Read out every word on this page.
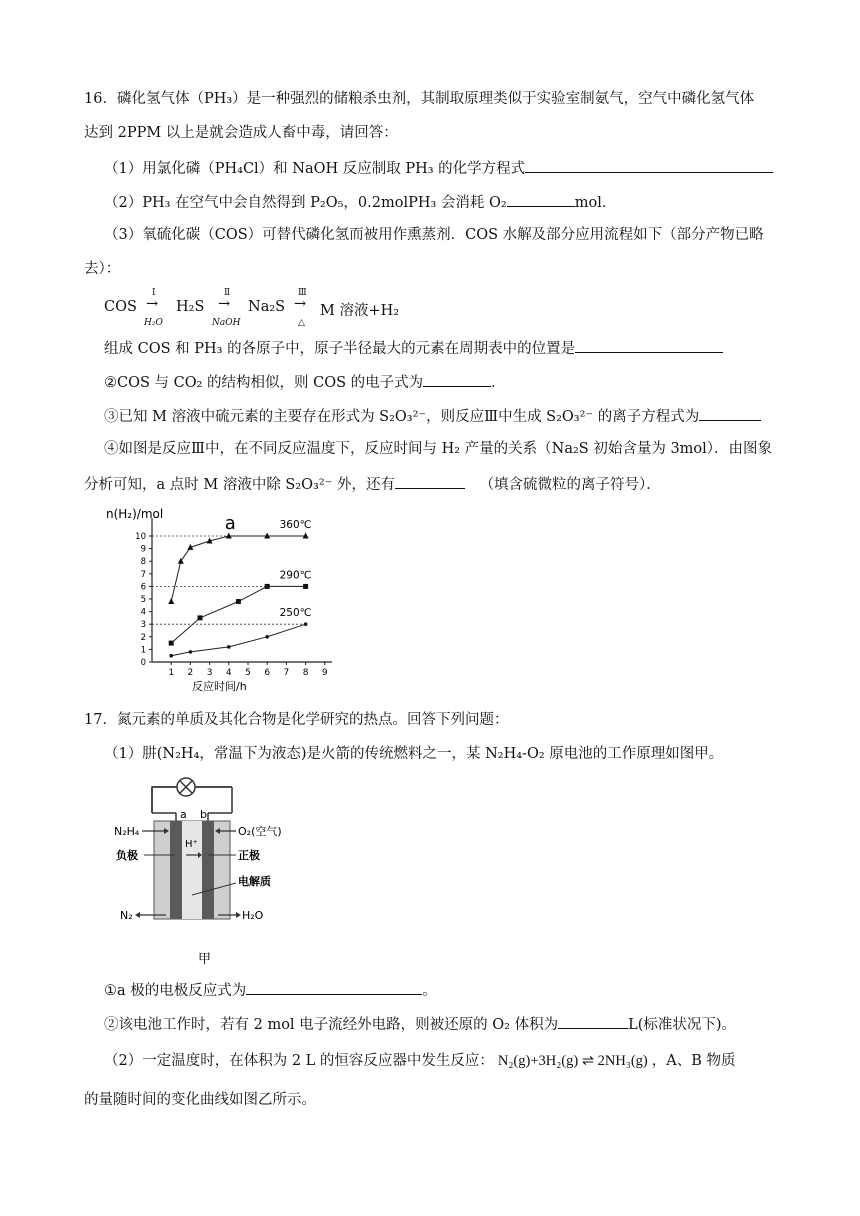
16．磷化氢气体（PH₃）是一种强烈的储粮杀虫剂，其制取原理类似于实验室制氨气，空气中磷化氢气体
达到 2PPM 以上是就会造成人畜中毒，请回答：
（1）用氯化磷（PH₄Cl）和 NaOH 反应制取 PH₃ 的化学方程式
（2）PH₃ 在空气中会自然得到 P₂O₅，0.2molPH₃ 会消耗 O₂	mol．
（3）氧硫化碳（COS）可替代磷化氢而被用作熏蒸剂．COS 水解及部分应用流程如下（部分产物已略
去）：
COS
Ⅰ
→
H₂O
H₂S
Ⅱ
→
NaOH
Na₂S
Ⅲ
→
△
M 溶液+H₂
组成 COS 和 PH₃ 的各原子中，原子半径最大的元素在周期表中的位置是
②COS 与 CO₂ 的结构相似，则 COS 的电子式为	．
③已知 M 溶液中硫元素的主要存在形式为 S₂O₃²⁻，则反应Ⅲ中生成 S₂O₃²⁻ 的离子方程式为
④如图是反应Ⅲ中，在不同反应温度下，反应时间与 H₂ 产量的关系（Na₂S 初始含量为 3mol）．由图象
分析可知，a 点时 M 溶液中除 S₂O₃²⁻ 外，还有	（填含硫微粒的离子符号）．
0
1
2
3
4
5
6
7
8
9
10
1 2 3 4 5 6 7 8 9
n(H₂)/mol
反应时间/h
360℃
290℃
250℃
a
17．氮元素的单质及其化合物是化学研究的热点。回答下列问题：
（1）肼(N₂H₄，常温下为液态)是火箭的传统燃料之一，某 N₂H₄-O₂ 原电池的工作原理如图甲。
a b
N₂H₄	O₂(空气)
负极	正极
H⁺
电解质
N₂	H₂O
甲
①a 极的电极反应式为	。
②该电池工作时，若有 2 mol 电子流经外电路，则被还原的 O₂ 体积为	L(标准状况下)。
（2）一定温度时，在体积为 2 L 的恒容反应器中发生反应： N₂(g)+3H₂(g) ⇌ 2NH₃(g) ，A、B 物质
的量随时间的变化曲线如图乙所示。
